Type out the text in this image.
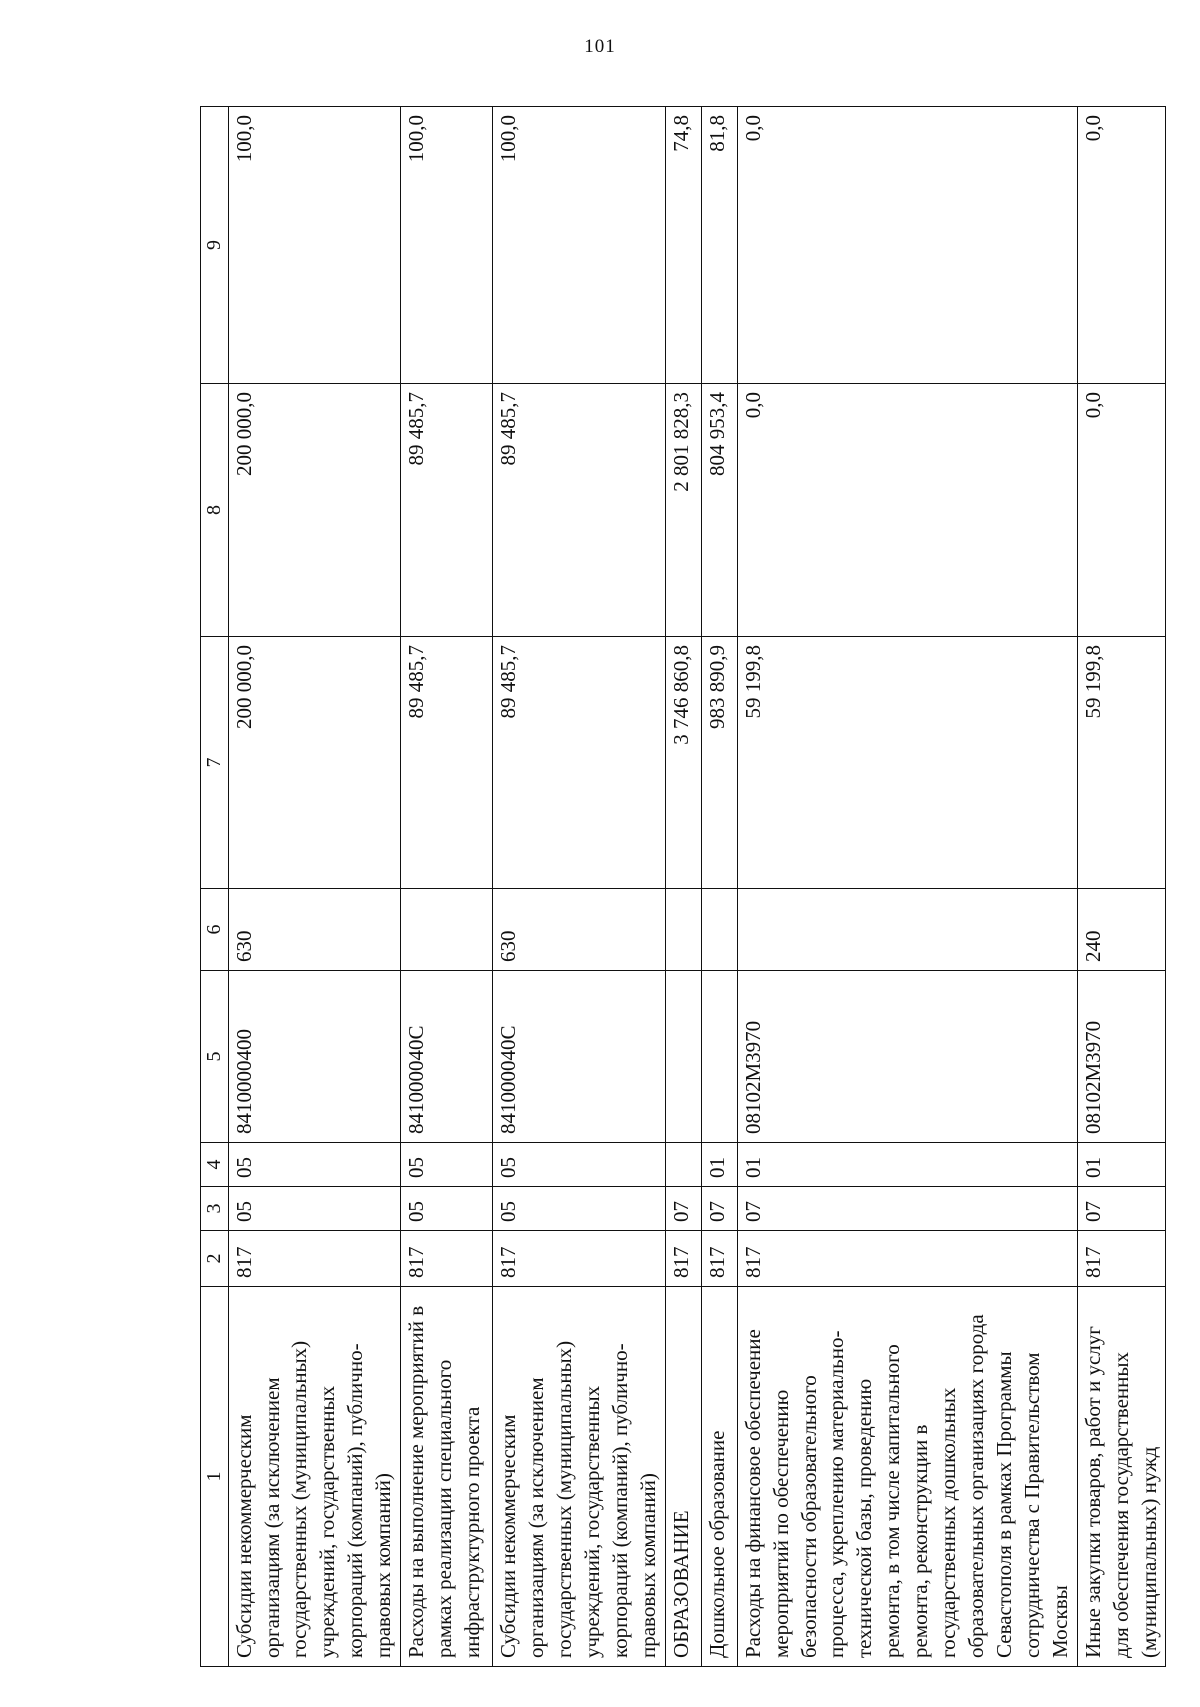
101
1	2	3	4	5	6	7	8	9
Субсидии некоммерческим организациям (за исключением государственных (муниципальных) учреждений, государственных корпораций (компаний), публично-правовых компаний)	817	05	05	8410000400	630	200 000,0	200 000,0	100,0
Расходы на выполнение мероприятий в рамках реализации специального инфраструктурного проекта	817	05	05	841000040С		89 485,7	89 485,7	100,0
Субсидии некоммерческим организациям (за исключением государственных (муниципальных) учреждений, государственных корпораций (компаний), публично-правовых компаний)	817	05	05	841000040С	630	89 485,7	89 485,7	100,0
ОБРАЗОВАНИЕ	817	07				3 746 860,8	2 801 828,3	74,8
Дошкольное образование	817	07	01			983 890,9	804 953,4	81,8
Расходы на финансовое обеспечение мероприятий по обеспечению безопасности образовательного процесса, укреплению материально-технической базы, проведению ремонта, в том числе капитального ремонта, реконструкции в государственных дошкольных образовательных организациях города Севастополя в рамках Программы сотрудничества с Правительством Москвы	817	07	01	08102М3970		59 199,8	0,0	0,0
Иные закупки товаров, работ и услуг для обеспечения государственных (муниципальных) нужд	817	07	01	08102М3970	240	59 199,8	0,0	0,0
